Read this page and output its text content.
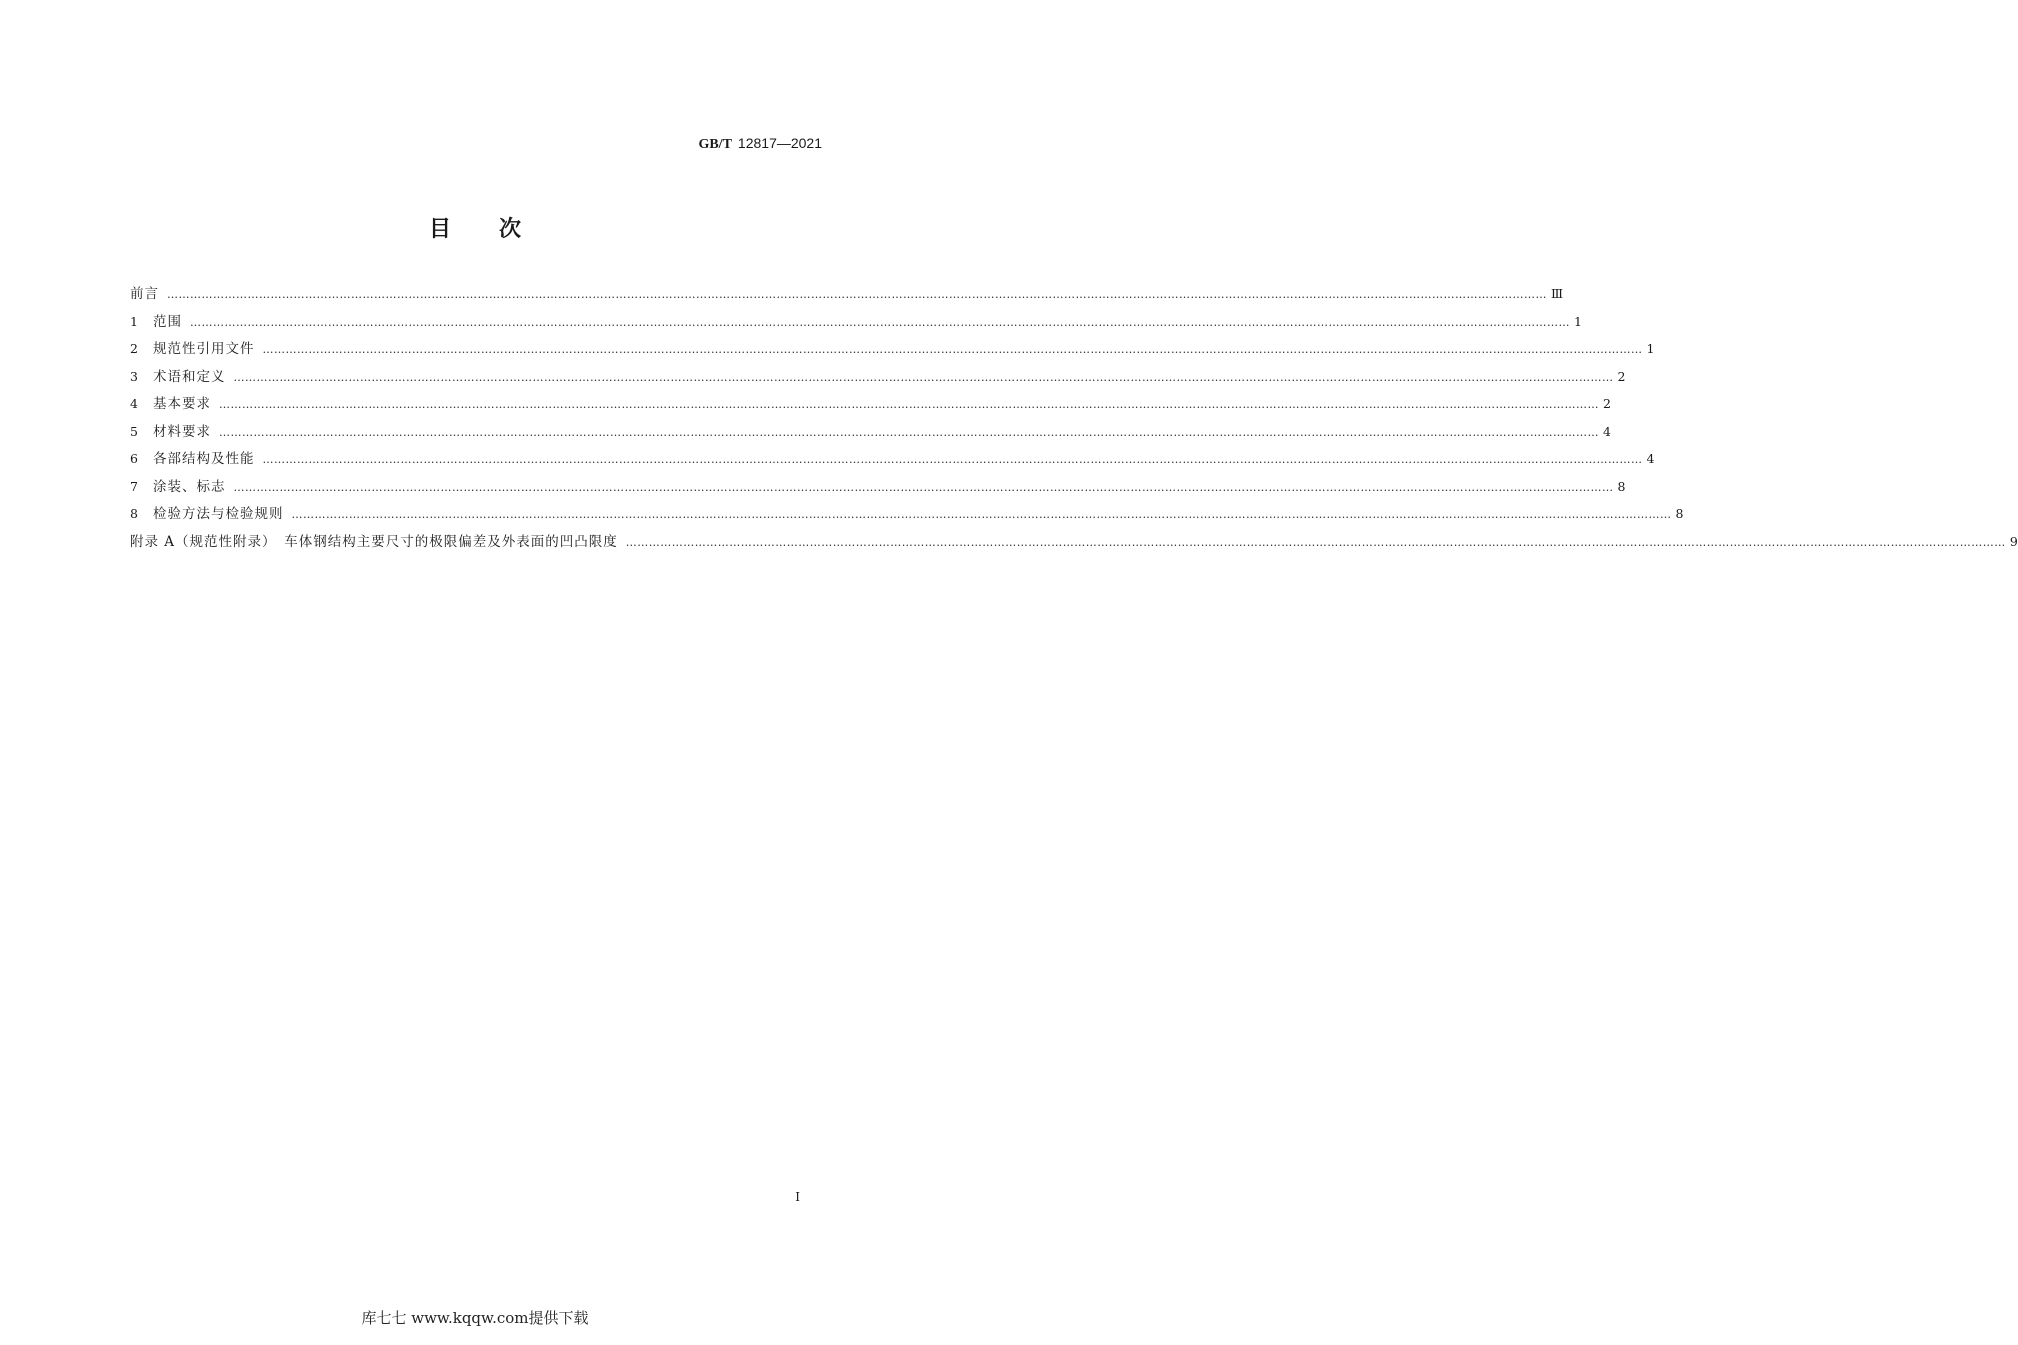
GB/T 12817—2021
目次
前言 ……………………………………………………………………………………………………………………………………………………………………………………………………………………………………………………………………………………………………………………………… Ⅲ
1	范围 ……………………………………………………………………………………………………………………………………………………………………………………………………………………………………………………………………………………………………………………………… 1
2	规范性引用文件 ……………………………………………………………………………………………………………………………………………………………………………………………………………………………………………………………………………………………………………………………… 1
3	术语和定义 ……………………………………………………………………………………………………………………………………………………………………………………………………………………………………………………………………………………………………………………………… 2
4	基本要求 ……………………………………………………………………………………………………………………………………………………………………………………………………………………………………………………………………………………………………………………………… 2
5	材料要求 ……………………………………………………………………………………………………………………………………………………………………………………………………………………………………………………………………………………………………………………………… 4
6	各部结构及性能 ……………………………………………………………………………………………………………………………………………………………………………………………………………………………………………………………………………………………………………………………… 4
7	涂装、标志 ……………………………………………………………………………………………………………………………………………………………………………………………………………………………………………………………………………………………………………………………… 8
8	检验方法与检验规则 ……………………………………………………………………………………………………………………………………………………………………………………………………………………………………………………………………………………………………………………………… 8
附录 A（规范性附录）　车体钢结构主要尺寸的极限偏差及外表面的凹凸限度 ……………………………………………………………………………………………………………………………………………………………………………………………………………………………………………………………………………………………………………………………… 9
I
库七七 www.kqqw.com提供下载
